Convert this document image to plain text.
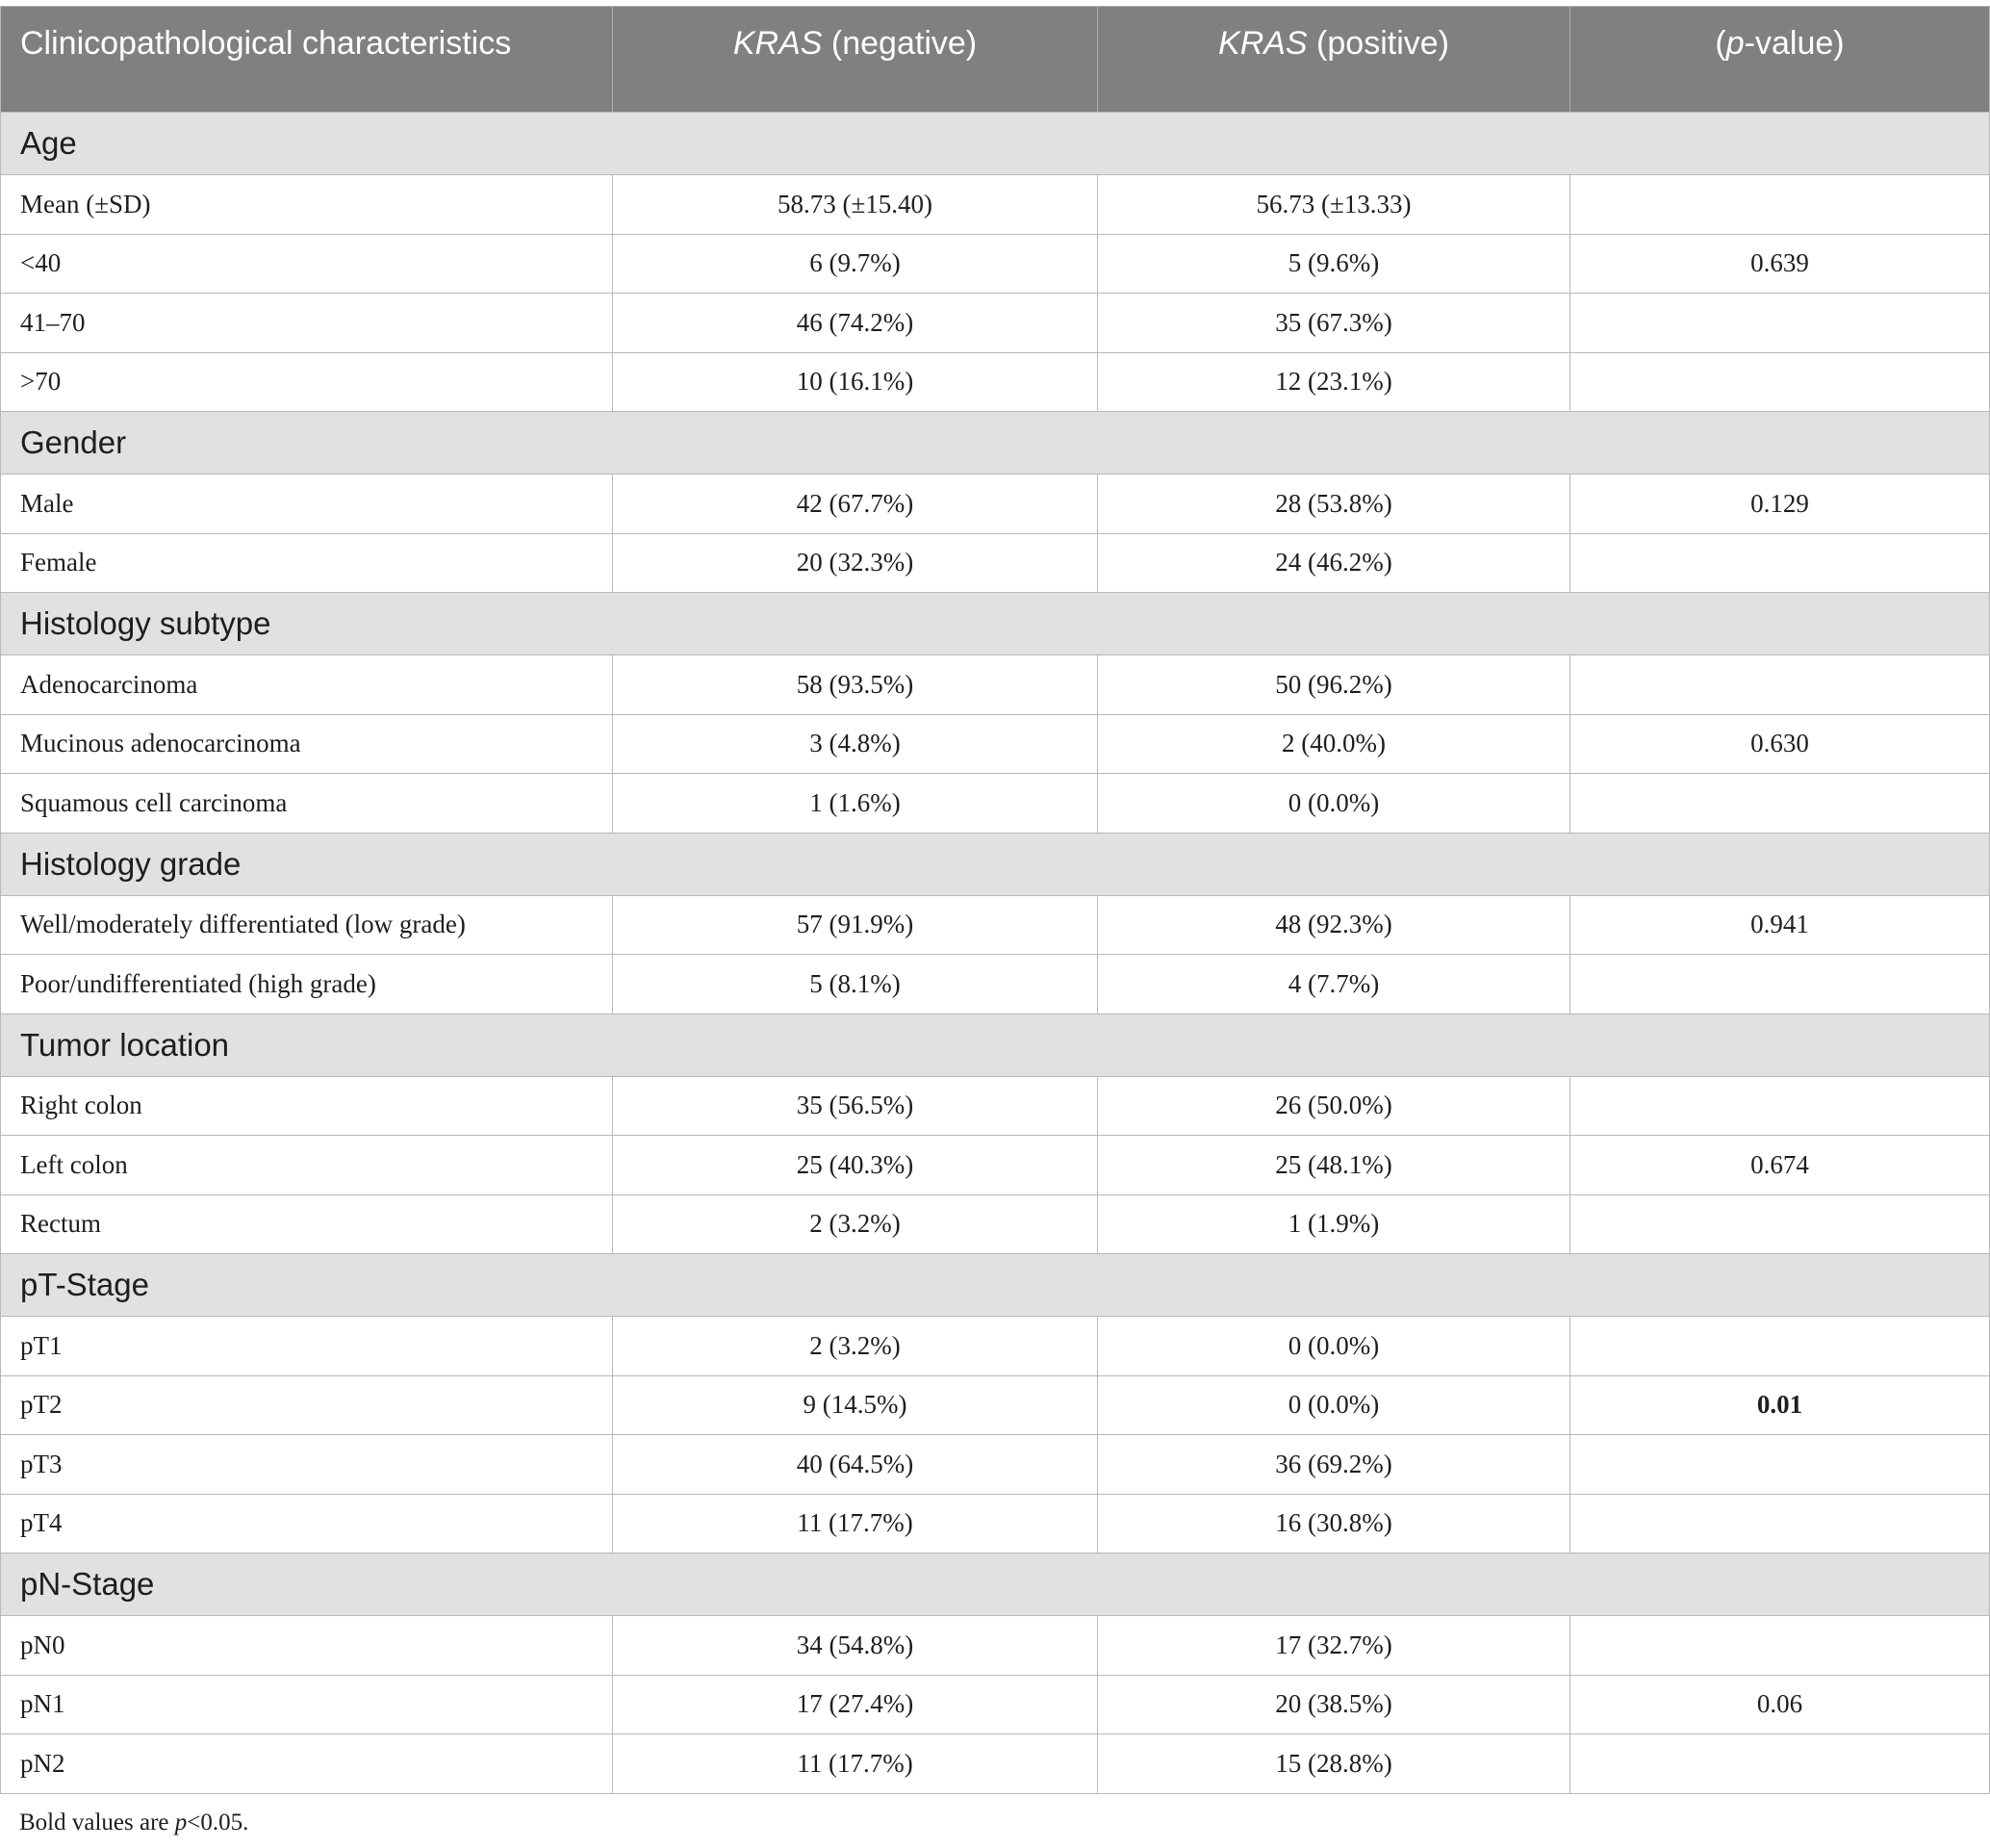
Clinicopathological characteristics	KRAS (negative)	KRAS (positive)	(p-value)
Age			
Mean (±SD)	58.73 (±15.40)	56.73 (±13.33)	
<40	6 (9.7%)	5 (9.6%)	0.639
41–70	46 (74.2%)	35 (67.3%)	
>70	10 (16.1%)	12 (23.1%)	
Gender			
Male	42 (67.7%)	28 (53.8%)	0.129
Female	20 (32.3%)	24 (46.2%)	
Histology subtype			
Adenocarcinoma	58 (93.5%)	50 (96.2%)	
Mucinous adenocarcinoma	3 (4.8%)	2 (40.0%)	0.630
Squamous cell carcinoma	1 (1.6%)	0 (0.0%)	
Histology grade			
Well/moderately differentiated (low grade)	57 (91.9%)	48 (92.3%)	0.941
Poor/undifferentiated (high grade)	5 (8.1%)	4 (7.7%)	
Tumor location			
Right colon	35 (56.5%)	26 (50.0%)	
Left colon	25 (40.3%)	25 (48.1%)	0.674
Rectum	2 (3.2%)	1 (1.9%)	
pT-Stage			
pT1	2 (3.2%)	0 (0.0%)	
pT2	9 (14.5%)	0 (0.0%)	0.01
pT3	40 (64.5%)	36 (69.2%)	
pT4	11 (17.7%)	16 (30.8%)	
pN-Stage			
pN0	34 (54.8%)	17 (32.7%)	
pN1	17 (27.4%)	20 (38.5%)	0.06
pN2	11 (17.7%)	15 (28.8%)	
Bold values are p<0.05.
